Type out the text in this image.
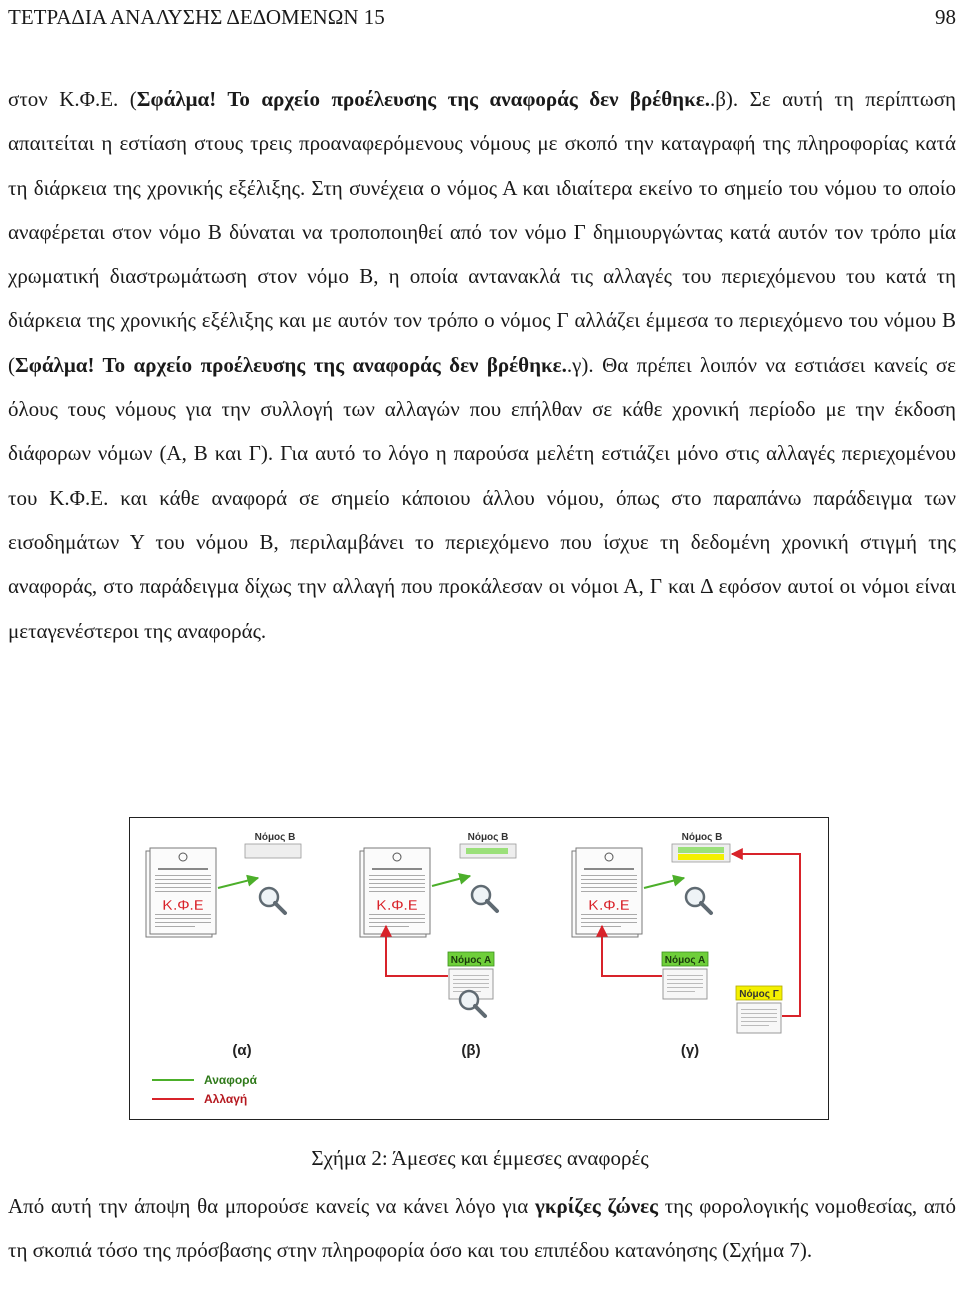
ΤΕΤΡΑΔΙΑ ΑΝΑΛΥΣΗΣ ΔΕΔΟΜΕΝΩΝ 15	98

στον Κ.Φ.Ε. (Σφάλμα! Το αρχείο προέλευσης της αναφοράς δεν βρέθηκε..β). Σε αυτή τη περίπτωση απαιτείται η εστίαση στους τρεις προαναφερόμενους νόμους με σκοπό την καταγραφή της πληροφορίας κατά τη διάρκεια της χρονικής εξέλιξης. Στη συνέχεια ο νόμος Α και ιδιαίτερα εκείνο το σημείο του νόμου το οποίο αναφέρεται στον νόμο Β δύναται να τροποποιηθεί από τον νόμο Γ δημιουργώντας κατά αυτόν τον τρόπο μία χρωματική διαστρωμάτωση στον νόμο Β, η οποία αντανακλά τις αλλαγές του περιεχόμενου του κατά τη διάρκεια της χρονικής εξέλιξης και με αυτόν τον τρόπο ο νόμος Γ αλλάζει έμμεσα το περιεχόμενο του νόμου Β (Σφάλμα! Το αρχείο προέλευσης της αναφοράς δεν βρέθηκε..γ). Θα πρέπει λοιπόν να εστιάσει κανείς σε όλους τους νόμους για την συλλογή των αλλαγών που επήλθαν σε κάθε χρονική περίοδο με την έκδοση διάφορων νόμων (Α, Β και Γ). Για αυτό το λόγο η παρούσα μελέτη εστιάζει μόνο στις αλλαγές περιεχομένου του Κ.Φ.Ε. και κάθε αναφορά σε σημείο κάποιου άλλου νόμου, όπως στο παραπάνω παράδειγμα των εισοδημάτων Υ του νόμου Β, περιλαμβάνει το περιεχόμενο που ίσχυε τη δεδομένη χρονική στιγμή της αναφοράς, στο παράδειγμα δίχως την αλλαγή που προκάλεσαν οι νόμοι Α, Γ και Δ εφόσον αυτοί οι νόμοι είναι μεταγενέστεροι της αναφοράς.

Νόμος Β
Κ.Φ.Ε
(α)
Νόμος Β
Κ.Φ.Ε
Νόμος Α
(β)
Νόμος Β
Κ.Φ.Ε
Νόμος Α
Νόμος Γ
(γ)
Αναφορά
Αλλαγή
Σχήμα 2: Άμεσες και έμμεσες αναφορές

Από αυτή την άποψη θα μπορούσε κανείς να κάνει λόγο για γκρίζες ζώνες της φορολογικής νομοθεσίας, από τη σκοπιά τόσο της πρόσβασης στην πληροφορία όσο και του επιπέδου κατανόησης (Σχήμα 7).
